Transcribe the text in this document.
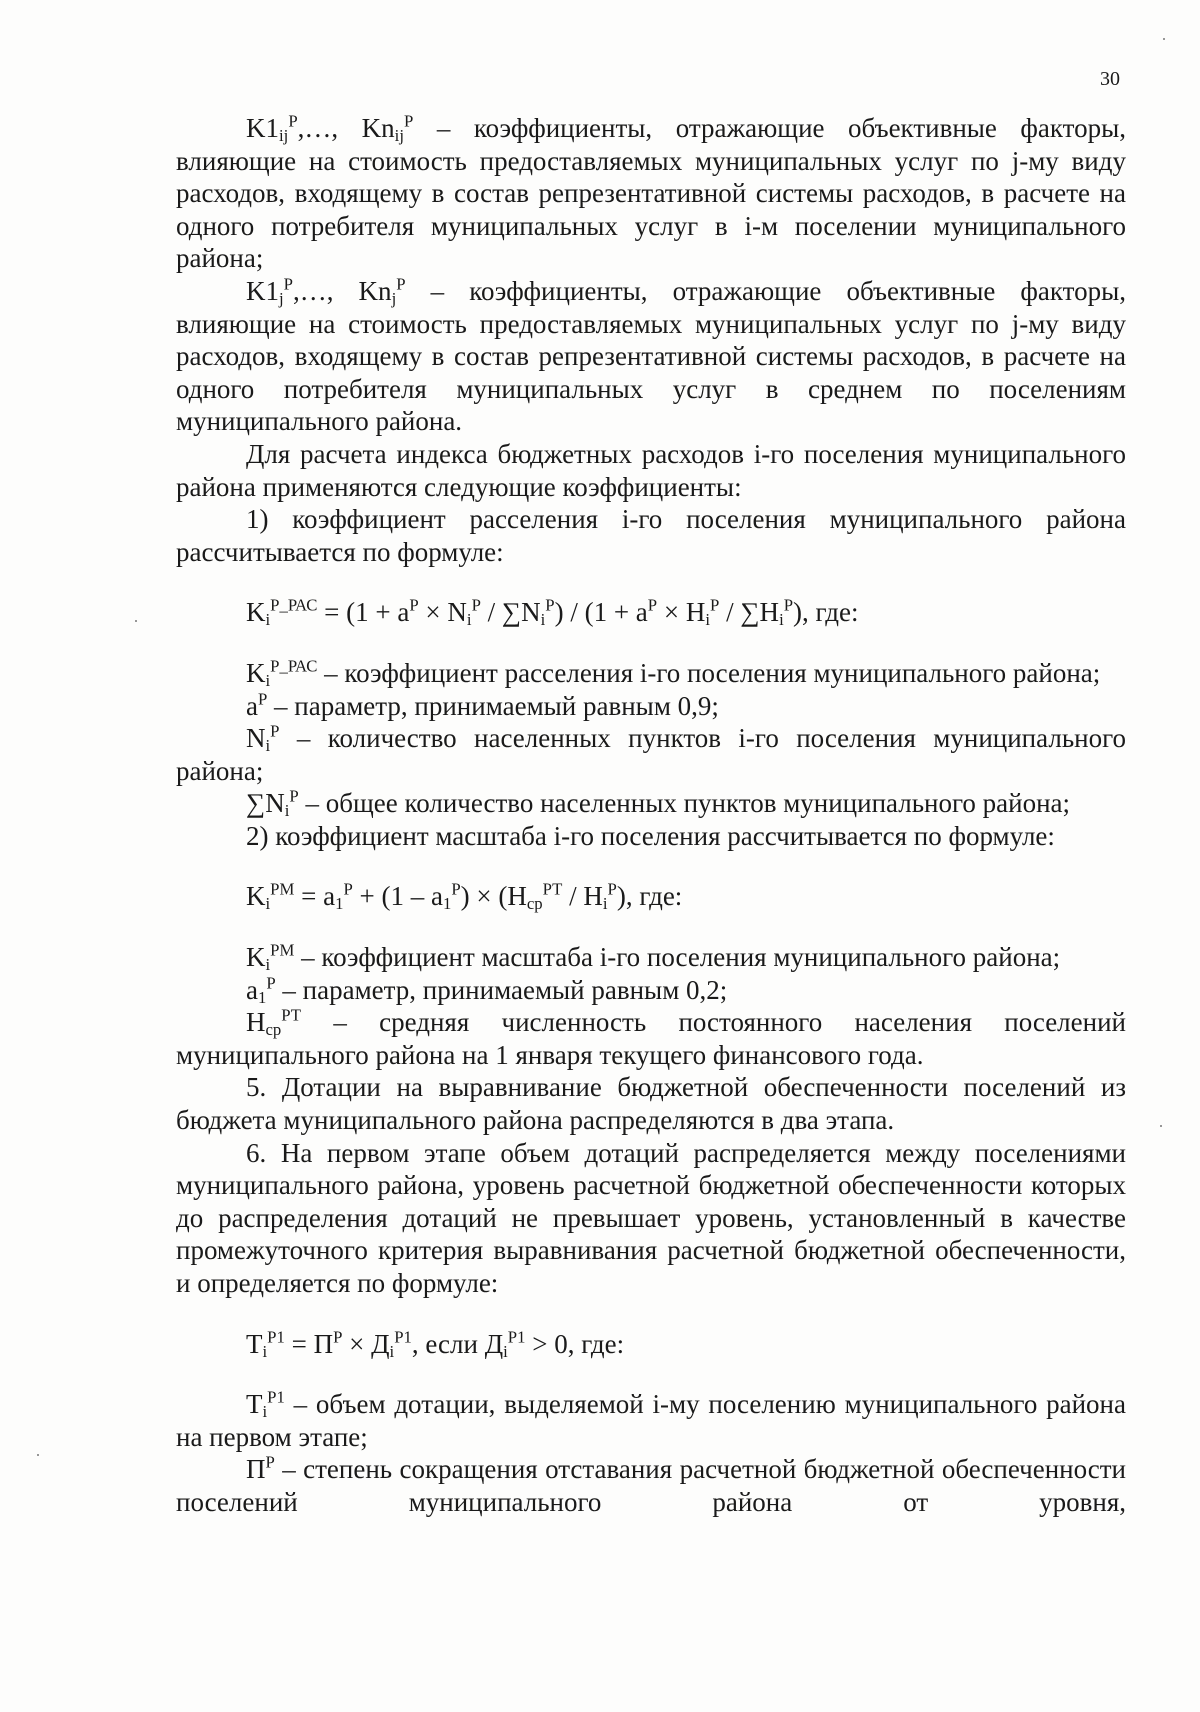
30

$K1_{ij}^P,\dots$, $Kn_{ij}^P$ – коэффициенты, отражающие объективные факторы, влияющие на стоимость предоставляемых муниципальных услуг по j-му виду расходов, входящему в состав репрезентативной системы расходов, в расчете на одного потребителя муниципальных услуг в i-м поселении муниципального района;

$K1_j^P,\dots$, $Kn_j^P$ – коэффициенты, отражающие объективные факторы, влияющие на стоимость предоставляемых муниципальных услуг по j-му виду расходов, входящему в состав репрезентативной системы расходов, в расчете на одного потребителя муниципальных услуг в среднем по поселениям муниципального района.

Для расчета индекса бюджетных расходов i-го поселения муниципального района применяются следующие коэффициенты:

1) коэффициент расселения i-го поселения муниципального района рассчитывается по формуле:

$K_i^{P\_РАС} = (1 + a^P \times N_i^P / \sum N_i^P) / (1 + a^P \times H_i^P / \sum H_i^P)$, где:

$K_i^{P\_РАС}$ – коэффициент расселения i-го поселения муниципального района;

$a^P$ – параметр, принимаемый равным 0,9;

$N_i^P$ – количество населенных пунктов i-го поселения муниципального района;

$\sum N_i^P$ – общее количество населенных пунктов муниципального района;

2) коэффициент масштаба i-го поселения рассчитывается по формуле:

$K_i^{РМ} = a_1^P + (1 - a_1^P) \times (H_{ср}^{РТ} / H_i^P)$, где:

$K_i^{РМ}$ – коэффициент масштаба i-го поселения муниципального района;

$a_1^P$ – параметр, принимаемый равным 0,2;

$H_{ср}^{РТ}$ – средняя численность постоянного населения поселений муниципального района на 1 января текущего финансового года.

5. Дотации на выравнивание бюджетной обеспеченности поселений из бюджета муниципального района распределяются в два этапа.

6. На первом этапе объем дотаций распределяется между поселениями муниципального района, уровень расчетной бюджетной обеспеченности которых до распределения дотаций не превышает уровень, установленный в качестве промежуточного критерия выравнивания расчетной бюджетной обеспеченности, и определяется по формуле:

$T_i^{P1} = П^P \times Д_i^{P1}$, если $Д_i^{P1} > 0$, где:

$T_i^{P1}$ – объем дотации, выделяемой i-му поселению муниципального района на первом этапе;

$П^P$ – степень сокращения отставания расчетной бюджетной обеспеченности поселений муниципального района от уровня,
